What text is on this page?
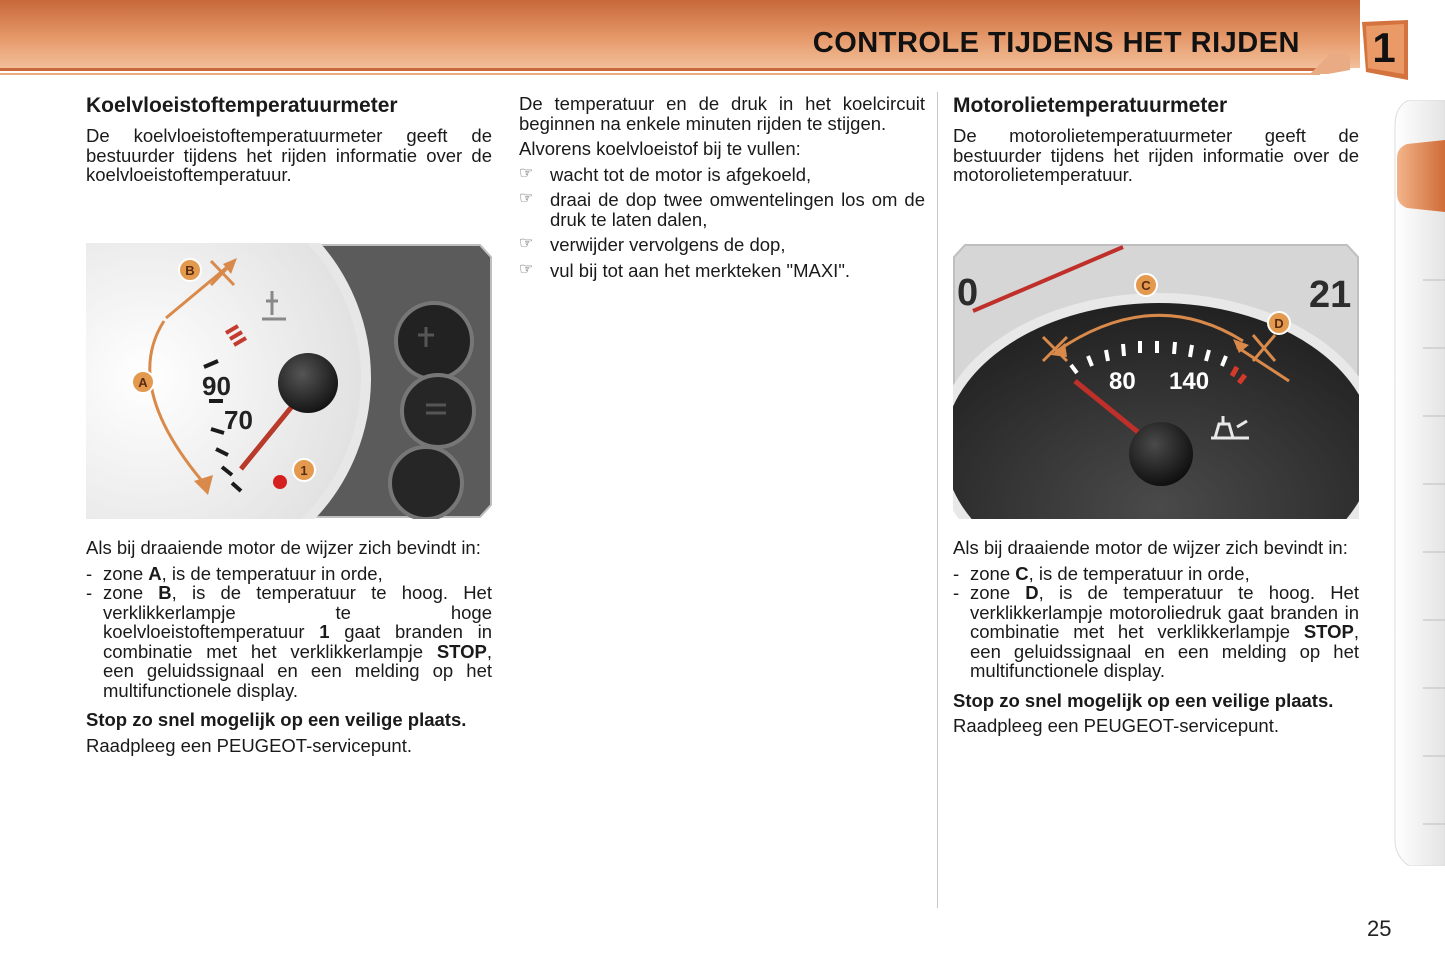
CONTROLE TIJDENS HET RIJDEN 1
Koelvloeistoftemperatuurmeter

De koelvloeistoftemperatuurmeter geeft de bestuurder tijdens het rijden informatie over de koelvloeistoftemperatuur.

90
70
B
A
1

Als bij draaiende motor de wijzer zich bevindt in:

- zone A, is de temperatuur in orde,
- zone B, is de temperatuur te hoog. Het verklikkerlampje te hoge koelvloeistoftemperatuur 1 gaat branden in combinatie met het verklikkerlampje STOP, een geluidssignaal en een melding op het multifunctionele display.

Stop zo snel mogelijk op een veilige plaats.

Raadpleeg een PEUGEOT-servicepunt.

De temperatuur en de druk in het koelcircuit beginnen na enkele minuten rijden te stijgen.

Alvorens koelvloeistof bij te vullen:

☞ wacht tot de motor is afgekoeld,
☞ draai de dop twee omwentelingen los om de druk te laten dalen,
☞ verwijder vervolgens de dop,
☞ vul bij tot aan het merkteken "MAXI".
Motorolietemperatuurmeter

De motorolietemperatuurmeter geeft de bestuurder tijdens het rijden informatie over de motorolietemperatuur.

80 140
0	21
C
D

Als bij draaiende motor de wijzer zich bevindt in:

- zone C, is de temperatuur in orde,
- zone D, is de temperatuur te hoog. Het verklikkerlampje motoroliedruk gaat branden in combinatie met het verklikkerlampje STOP, een geluidssignaal en een melding op het multifunctionele display.

Stop zo snel mogelijk op een veilige plaats.

Raadpleeg een PEUGEOT-servicepunt.

25
